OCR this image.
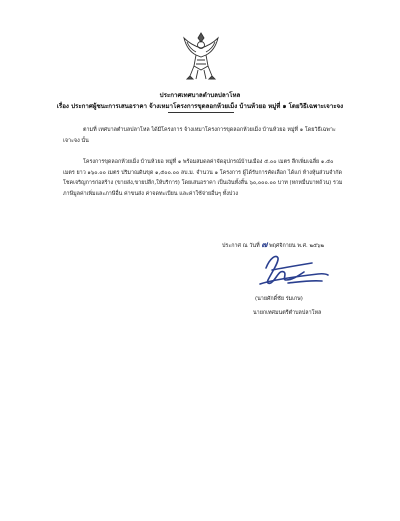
ประกาศเทศบาลตำบลปลาโหล
เรื่อง ประกาศผู้ชนะการเสนอราคา จ้างเหมาโครงการขุดลอกห้วยเม็ง บ้านห้วยอ หมู่ที่ ๑ โดยวิธีเฉพาะเจาะจง
ตามที่ เทศบาลตำบลปลาโหล ได้มีโครงการ จ้างเหมาโครงการขุดลอกห้วยเม็ง บ้านห้วยอ หมู่ที่ ๑ โดยวิธีเฉพาะเจาะจง นั้น
โครงการขุดลอกห้วยเม็ง บ้านห้วยอ หมู่ที่ ๑ พร้อมสมดลค่าจัดอุปกรณ์บ้านเมือง ๕.๐๐ เมตร ลึกเพิ่มเฉลี่ย ๑.๕๐ เมตร ยาว ๑๖๐.๐๐ เมตร ปริมาณดินขุด ๑,๕๐๐.๐๐ ลบ.ม. จำนวน ๑ โครงการ ผู้ได้รับการคัดเลือก ได้แก่ ห้างหุ้นส่วนจำกัด โชคเจริญการก่อสร้าง (ขายส่ง,ขายปลีก,ให้บริการ) โดยเสนอราคา เป็นเงินทั้งสิ้น ๖๐,๐๐๐.๐๐ บาท (หกหมื่นบาทถ้วน) รวมภาษีมูลค่าเพิ่มและภาษีอื่น ค่าขนส่ง ค่าจดทะเบียน และค่าใช้จ่ายอื่นๆ ทั้งปวง
ประกาศ ณ วันที่ ๗ พฤศจิกายน พ.ศ. ๒๕๖๒
(นายศักดิ์ชัย ร่มเกษ)
นายกเทศมนตรีตำบลปลาโหล
